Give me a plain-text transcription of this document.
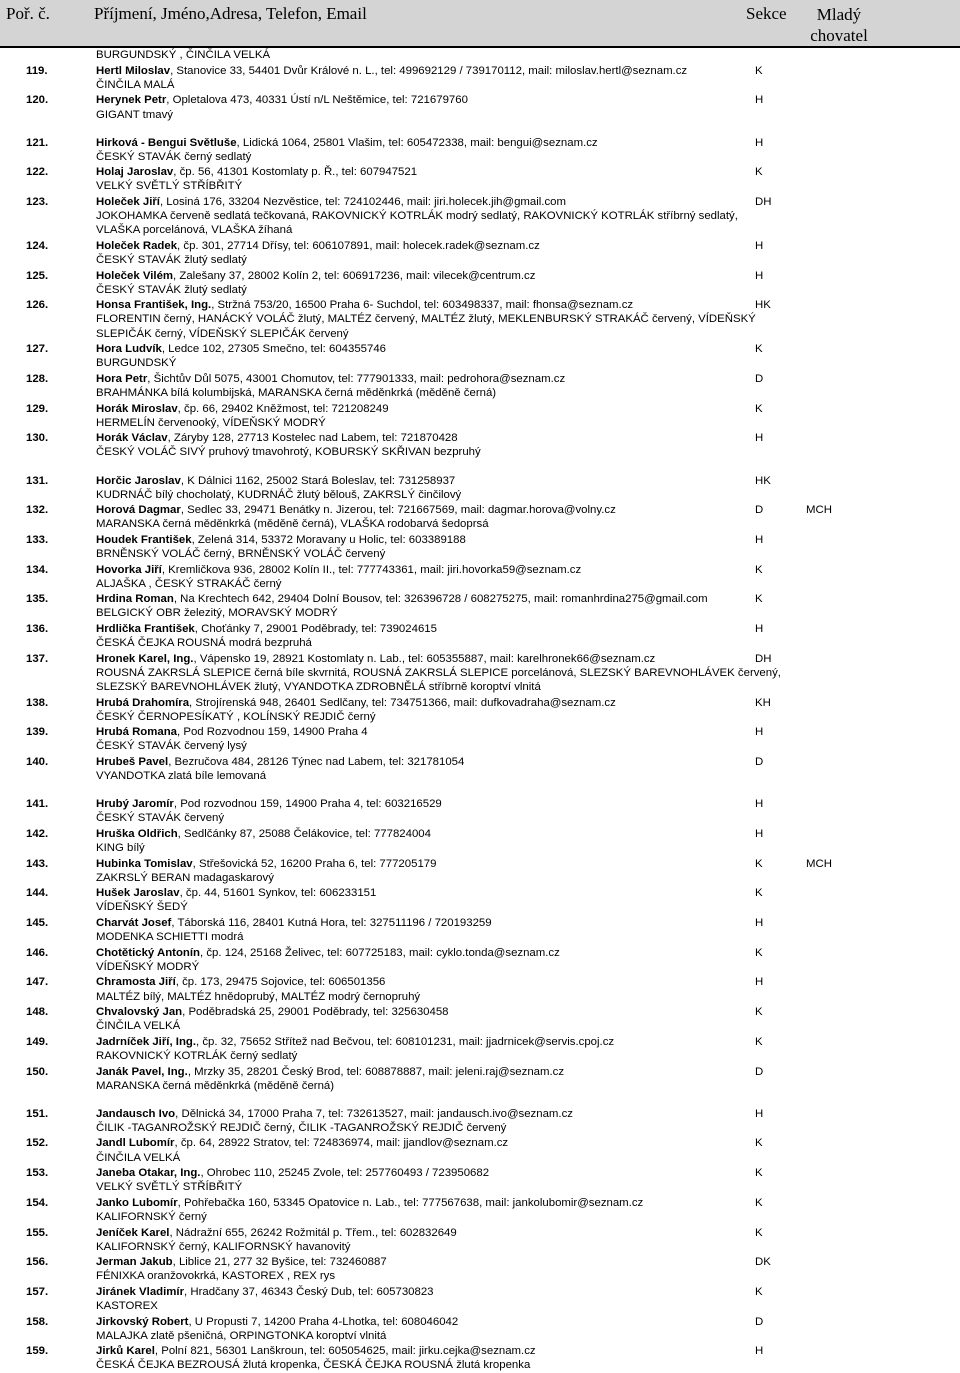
Poř. č.	Příjmení, Jméno,Adresa, Telefon, Email	Sekce	Mladý
chovatel
BURGUNDSKÝ , ČINČILA VELKÁ
119.	Hertl Miloslav, Stanovice 33, 54401 Dvůr Králové n. L., tel: 499692129 / 739170112, mail: miloslav.hertl@seznam.cz	K
ČINČILA MALÁ
120.	Herynek Petr, Opletalova 473, 40331 Ústí n/L Neštěmice, tel: 721679760	H
GIGANT tmavý
121.	Hirková - Bengui Světluše, Lidická 1064, 25801 Vlašim, tel: 605472338, mail: bengui@seznam.cz	H
ČESKÝ STAVÁK černý sedlatý
122.	Holaj Jaroslav, čp. 56, 41301 Kostomlaty p. Ř., tel: 607947521	K
VELKÝ SVĚTLÝ STŘÍBŘITÝ
123.	Holeček Jiří, Losiná 176, 33204 Nezvěstice, tel: 724102446, mail: jiri.holecek.jih@gmail.com	DH
JOKOHAMKA červeně sedlatá tečkovaná, RAKOVNICKÝ KOTRLÁK modrý sedlatý, RAKOVNICKÝ KOTRLÁK stříbrný sedlatý,
VLAŠKA porcelánová, VLAŠKA žíhaná
124.	Holeček Radek, čp. 301, 27714 Dřísy, tel: 606107891, mail: holecek.radek@seznam.cz	H
ČESKÝ STAVÁK žlutý sedlatý
125.	Holeček Vilém, Zalešany 37, 28002 Kolín 2, tel: 606917236, mail: vilecek@centrum.cz	H
ČESKÝ STAVÁK žlutý sedlatý
126.	Honsa František, Ing., Stržná 753/20, 16500 Praha 6- Suchdol, tel: 603498337, mail: fhonsa@seznam.cz	HK
FLORENTIN černý, HANÁCKÝ VOLÁČ žlutý, MALTÉZ červený, MALTÉZ žlutý, MEKLENBURSKÝ STRAKÁČ červený, VÍDEŇSKÝ
SLEPIČÁK černý, VÍDEŇSKÝ SLEPIČÁK červený
127.	Hora Ludvík, Ledce 102, 27305 Smečno, tel: 604355746	K
BURGUNDSKÝ
128.	Hora Petr, Šichtův Důl 5075, 43001 Chomutov, tel: 777901333, mail: pedrohora@seznam.cz	D
BRAHMÁNKA bílá kolumbijská, MARANSKA černá měděnkrká (měděně černá)
129.	Horák Miroslav, čp. 66, 29402 Kněžmost, tel: 721208249	K
HERMELÍN červenooký, VÍDEŇSKÝ MODRÝ
130.	Horák Václav, Záryby 128, 27713 Kostelec nad Labem, tel: 721870428	H
ČESKÝ VOLÁČ SIVÝ pruhový tmavohrotý, KOBURSKÝ SKŘIVAN bezpruhý
131.	Horčic Jaroslav, K Dálnici 1162, 25002 Stará Boleslav, tel: 731258937	HK
KUDRNÁČ bílý chocholatý, KUDRNÁČ žlutý bělouš, ZAKRSLÝ činčilový
132.	Horová Dagmar, Sedlec 33, 29471 Benátky n. Jizerou, tel: 721667569, mail: dagmar.horova@volny.cz	D	MCH
MARANSKA černá měděnkrká (měděně černá), VLAŠKA rodobarvá šedoprsá
133.	Houdek František, Zelená 314, 53372 Moravany u Holic, tel: 603389188	H
BRNĚNSKÝ VOLÁČ černý, BRNĚNSKÝ VOLÁČ červený
134.	Hovorka Jiří, Kremličkova 936, 28002 Kolín II., tel: 777743361, mail: jiri.hovorka59@seznam.cz	K
ALJAŠKA , ČESKÝ STRAKÁČ černý
135.	Hrdina Roman, Na Krechtech 642, 29404 Dolní Bousov, tel: 326396728 / 608275275, mail: romanhrdina275@gmail.com	K
BELGICKÝ OBR železitý, MORAVSKÝ MODRÝ
136.	Hrdlička František, Choťánky 7, 29001 Poděbrady, tel: 739024615	H
ČESKÁ ČEJKA ROUSNÁ modrá bezpruhá
137.	Hronek Karel, Ing., Vápensko 19, 28921 Kostomlaty n. Lab., tel: 605355887, mail: karelhronek66@seznam.cz	DH
ROUSNÁ ZAKRSLÁ SLEPICE černá bíle skvrnitá, ROUSNÁ ZAKRSLÁ SLEPICE porcelánová, SLEZSKÝ BAREVNOHLÁVEK červený,
SLEZSKÝ BAREVNOHLÁVEK žlutý, VYANDOTKA ZDROBNĚLÁ stříbrně koroptví vlnitá
138.	Hrubá Drahomíra, Strojírenská 948, 26401 Sedlčany, tel: 734751366, mail: dufkovadraha@seznam.cz	KH
ČESKÝ ČERNOPESÍKATÝ , KOLÍNSKÝ REJDIČ černý
139.	Hrubá Romana, Pod Rozvodnou 159, 14900 Praha 4	H
ČESKÝ STAVÁK červený lysý
140.	Hrubeš Pavel, Bezručova 484, 28126 Týnec nad Labem, tel: 321781054	D
VYANDOTKA zlatá bíle lemovaná
141.	Hrubý Jaromír, Pod rozvodnou 159, 14900 Praha 4, tel: 603216529	H
ČESKÝ STAVÁK červený
142.	Hruška Oldřich, Sedlčánky 87, 25088 Čelákovice, tel: 777824004	H
KING bílý
143.	Hubinka Tomislav, Střešovická 52, 16200 Praha 6, tel: 777205179	K	MCH
ZAKRSLÝ BERAN madagaskarový
144.	Hušek Jaroslav, čp. 44, 51601 Synkov, tel: 606233151	K
VÍDEŇSKÝ ŠEDÝ
145.	Charvát Josef, Táborská 116, 28401 Kutná Hora, tel: 327511196 / 720193259	H
MODENKA SCHIETTI modrá
146.	Chotětický Antonín, čp. 124, 25168 Želivec, tel: 607725183, mail: cyklo.tonda@seznam.cz	K
VÍDEŇSKÝ MODRÝ
147.	Chramosta Jiří, čp. 173, 29475 Sojovice, tel: 606501356	H
MALTÉZ bílý, MALTÉZ hnědoprubý, MALTÉZ modrý černopruhý
148.	Chvalovský Jan, Poděbradská 25, 29001 Poděbrady, tel: 325630458	K
ČINČILA VELKÁ
149.	Jadrníček Jiří, Ing., čp. 32, 75652 Střítež nad Bečvou, tel: 608101231, mail: jjadrnicek@servis.cpoj.cz	K
RAKOVNICKÝ KOTRLÁK černý sedlatý
150.	Janák Pavel, Ing., Mrzky 35, 28201 Český Brod, tel: 608878887, mail: jeleni.raj@seznam.cz	D
MARANSKA černá měděnkrká (měděně černá)
151.	Jandausch Ivo, Dělnická 34, 17000 Praha 7, tel: 732613527, mail: jandausch.ivo@seznam.cz	H
ČILIK -TAGANROŽSKÝ REJDIČ černý, ČILIK -TAGANROŽSKÝ REJDIČ červený
152.	Jandl Lubomír, čp. 64, 28922 Stratov, tel: 724836974, mail: jjandlov@seznam.cz	K
ČINČILA VELKÁ
153.	Janeba Otakar, Ing., Ohrobec 110, 25245 Zvole, tel: 257760493 / 723950682	K
VELKÝ SVĚTLÝ STŘÍBŘITÝ
154.	Janko Lubomír, Pohřebačka 160, 53345 Opatovice n. Lab., tel: 777567638, mail: jankolubomir@seznam.cz	K
KALIFORNSKÝ černý
155.	Jeníček Karel, Nádražní 655, 26242 Rožmitál p. Třem., tel: 602832649	K
KALIFORNSKÝ černý, KALIFORNSKÝ havanovitý
156.	Jerman Jakub, Liblice 21, 277 32 Byšice, tel: 732460887	DK
FÉNIXKA oranžovokrká, KASTOREX , REX rys
157.	Jiránek Vladimír, Hradčany 37, 46343 Český Dub, tel: 605730823	K
KASTOREX
158.	Jirkovský Robert, U Propusti 7, 14200 Praha 4-Lhotka, tel: 608046042	D
MALAJKA zlatě pšeničná, ORPINGTONKA koroptví vlnitá
159.	Jirků Karel, Polní 821, 56301 Lanškroun, tel: 605054625, mail: jirku.cejka@seznam.cz	H
ČESKÁ ČEJKA BEZROUSÁ žlutá kropenka, ČESKÁ ČEJKA ROUSNÁ žlutá kropenka
